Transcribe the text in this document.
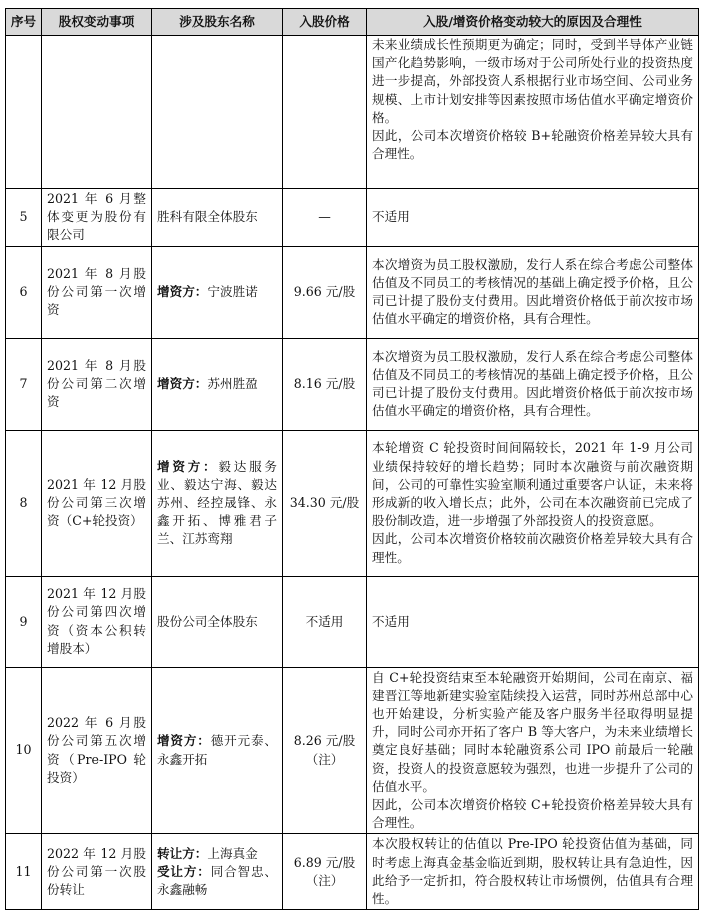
序号	股权变动事项	涉及股东名称	入股价格	入股/增资价格变动较大的原因及合理性

				未来业绩成长性预期更为确定；同时，受到半导体产业链国产化趋势影响，一级市场对于公司所处行业的投资热度进一步提高，外部投资人系根据行业市场空间、公司业务规模、上市计划安排等因素按照市场估值水平确定增资价格。
因此，公司本次增资价格较 B+轮融资价格差异较大具有合理性。

5	2021 年 6 月整体变更为股份有限公司	胜科有限全体股东	—	不适用

6	2021 年 8 月股份公司第一次增资	增资方：宁波胜诺	9.66 元/股	本次增资为员工股权激励，发行人系在综合考虑公司整体估值及不同员工的考核情况的基础上确定授予价格，且公司已计提了股份支付费用。因此增资价格低于前次按市场估值水平确定的增资价格，具有合理性。

7	2021 年 8 月股份公司第二次增资	增资方：苏州胜盈	8.16 元/股	本次增资为员工股权激励，发行人系在综合考虑公司整体估值及不同员工的考核情况的基础上确定授予价格，且公司已计提了股份支付费用。因此增资价格低于前次按市场估值水平确定的增资价格，具有合理性。

8	2021 年 12 月股份公司第三次增资（C+轮投资）	增资方：毅达服务业、毅达宁海、毅达苏州、经控晟锋、永鑫开拓、博雅君子兰、江苏鸾翔	34.30 元/股	本轮增资 C 轮投资时间间隔较长，2021 年 1-9 月公司业绩保持较好的增长趋势；同时本次融资与前次融资期间，公司的可靠性实验室顺利通过重要客户认证，未来将形成新的收入增长点；此外，公司在本次融资前已完成了股份制改造，进一步增强了外部投资人的投资意愿。
因此，公司本次增资价格较前次融资价格差异较大具有合理性。

9	2021 年 12 月股份公司第四次增资（资本公积转增股本）	股份公司全体股东	不适用	不适用

10	2022 年 6 月股份公司第五次增资（Pre-IPO 轮投资）	增资方：德开元泰、永鑫开拓	8.26 元/股（注）	自 C+轮投资结束至本轮融资开始期间，公司在南京、福建晋江等地新建实验室陆续投入运营，同时苏州总部中心也开始建设，分析实验产能及客户服务半径取得明显提升，同时公司亦开拓了客户 B 等大客户，为未来业绩增长奠定良好基础；同时本轮融资系公司 IPO 前最后一轮融资，投资人的投资意愿较为强烈，也进一步提升了公司的估值水平。
因此，公司本次增资价格较 C+轮投资价格差异较大具有合理性。

11	2022 年 12 月股份公司第一次股份转让	转让方：上海真金
受让方：同合智忠、永鑫融畅	6.89 元/股（注）	本次股权转让的估值以 Pre-IPO 轮投资估值为基础，同时考虑上海真金基金临近到期，股权转让具有急迫性，因此给予一定折扣，符合股权转让市场惯例，估值具有合理性。
